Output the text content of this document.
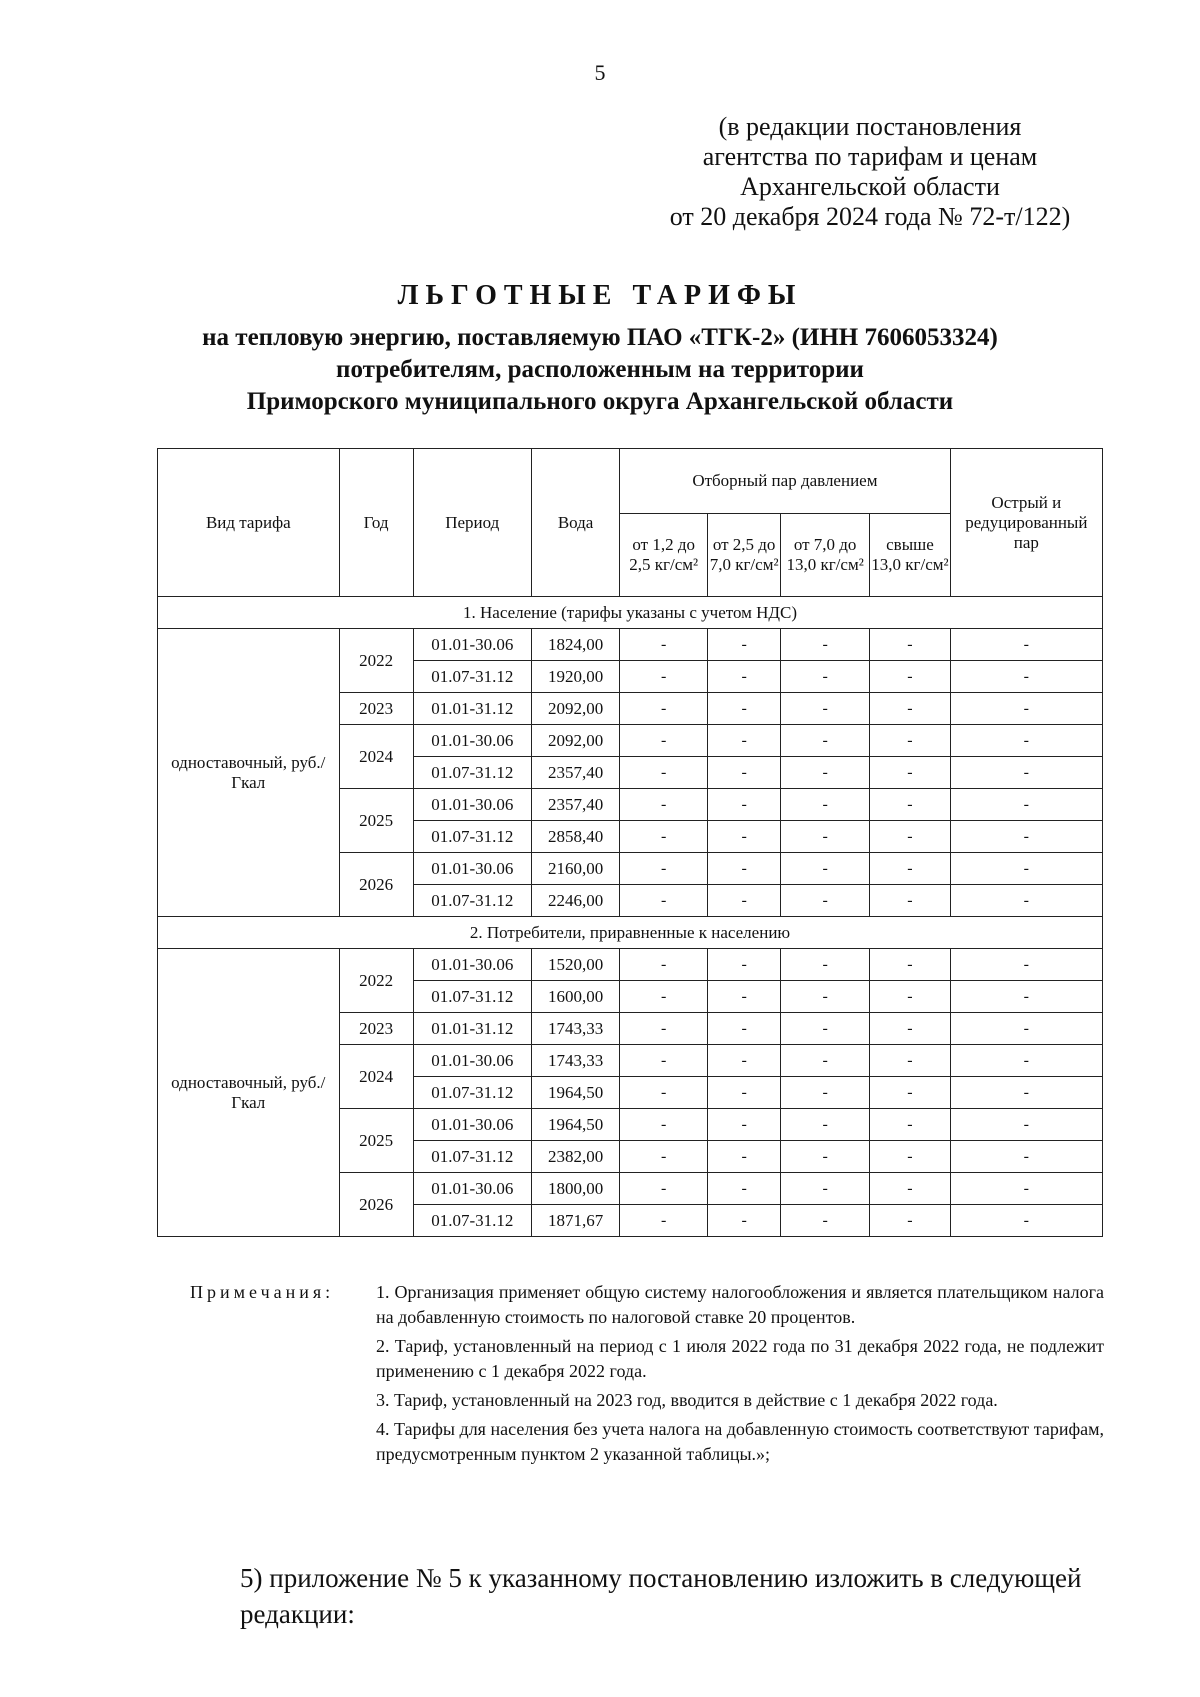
5
(в редакции постановления
агентства по тарифам и ценам
Архангельской области
от 20 декабря 2024 года № 72-т/122)
ЛЬГОТНЫЕ ТАРИФЫ
на тепловую энергию, поставляемую ПАО «ТГК-2» (ИНН 7606053324)
потребителям, расположенным на территории
Приморского муниципального округа Архангельской области
Вид тарифа	Год	Период	Вода	Отборный пар давлением				Острый и редуцированный пар
				от 1,2 до 2,5 кг/см²	от 2,5 до 7,0 кг/см²	от 7,0 до 13,0 кг/см²	свыше 13,0 кг/см²	
1. Население (тарифы указаны с учетом НДС)								
одноставочный, руб./Гкал	2022	01.01-30.06	1824,00	-	-	-	-	-
		01.07-31.12	1920,00	-	-	-	-	-
	2023	01.01-31.12	2092,00	-	-	-	-	-
	2024	01.01-30.06	2092,00	-	-	-	-	-
		01.07-31.12	2357,40	-	-	-	-	-
	2025	01.01-30.06	2357,40	-	-	-	-	-
		01.07-31.12	2858,40	-	-	-	-	-
	2026	01.01-30.06	2160,00	-	-	-	-	-
		01.07-31.12	2246,00	-	-	-	-	-
2. Потребители, приравненные к населению								
одноставочный, руб./Гкал	2022	01.01-30.06	1520,00	-	-	-	-	-
		01.07-31.12	1600,00	-	-	-	-	-
	2023	01.01-31.12	1743,33	-	-	-	-	-
	2024	01.01-30.06	1743,33	-	-	-	-	-
		01.07-31.12	1964,50	-	-	-	-	-
	2025	01.01-30.06	1964,50	-	-	-	-	-
		01.07-31.12	2382,00	-	-	-	-	-
	2026	01.01-30.06	1800,00	-	-	-	-	-
		01.07-31.12	1871,67	-	-	-	-	-
Примечания: 1. Организация применяет общую систему налогообложения и является плательщиком налога на добавленную стоимость по налоговой ставке 20 процентов.

2. Тариф, установленный на период с 1 июля 2022 года по 31 декабря 2022 года, не подлежит применению с 1 декабря 2022 года.

3. Тариф, установленный на 2023 год, вводится в действие с 1 декабря 2022 года.

4. Тарифы для населения без учета налога на добавленную стоимость соответствуют тарифам, предусмотренным пунктом 2 указанной таблицы.»;

5) приложение № 5 к указанному постановлению изложить в следующей редакции:
